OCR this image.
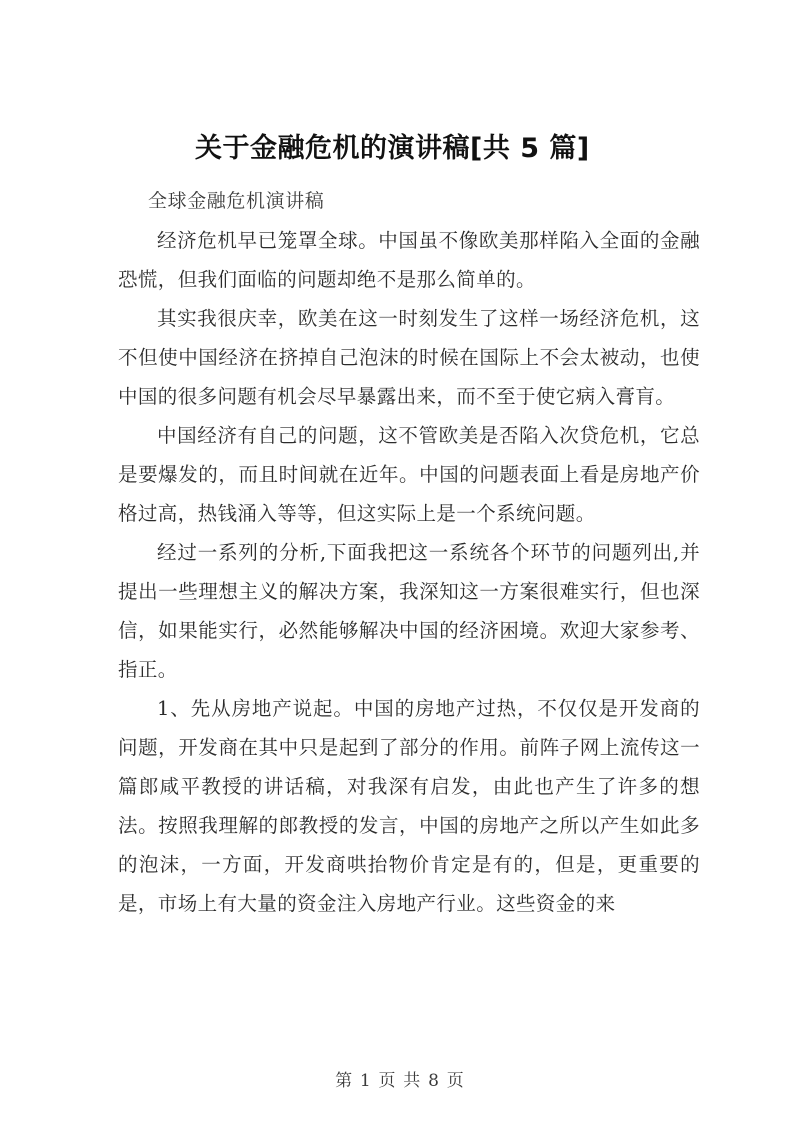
关于金融危机的演讲稿[共 5 篇]

全球金融危机演讲稿

经济危机早已笼罩全球。中国虽不像欧美那样陷入全面的金融恐慌，但我们面临的问题却绝不是那么简单的。

其实我很庆幸，欧美在这一时刻发生了这样一场经济危机，这不但使中国经济在挤掉自己泡沫的时候在国际上不会太被动，也使中国的很多问题有机会尽早暴露出来，而不至于使它病入膏肓。

中国经济有自己的问题，这不管欧美是否陷入次贷危机，它总是要爆发的，而且时间就在近年。中国的问题表面上看是房地产价格过高，热钱涌入等等，但这实际上是一个系统问题。

经过一系列的分析,下面我把这一系统各个环节的问题列出,并提出一些理想主义的解决方案，我深知这一方案很难实行，但也深信，如果能实行，必然能够解决中国的经济困境。欢迎大家参考、指正。

1、先从房地产说起。中国的房地产过热，不仅仅是开发商的问题，开发商在其中只是起到了部分的作用。前阵子网上流传这一篇郎咸平教授的讲话稿，对我深有启发，由此也产生了许多的想法。按照我理解的郎教授的发言，中国的房地产之所以产生如此多的泡沫，一方面，开发商哄抬物价肯定是有的，但是，更重要的是，市场上有大量的资金注入房地产行业。这些资金的来

第 1 页 共 8 页
